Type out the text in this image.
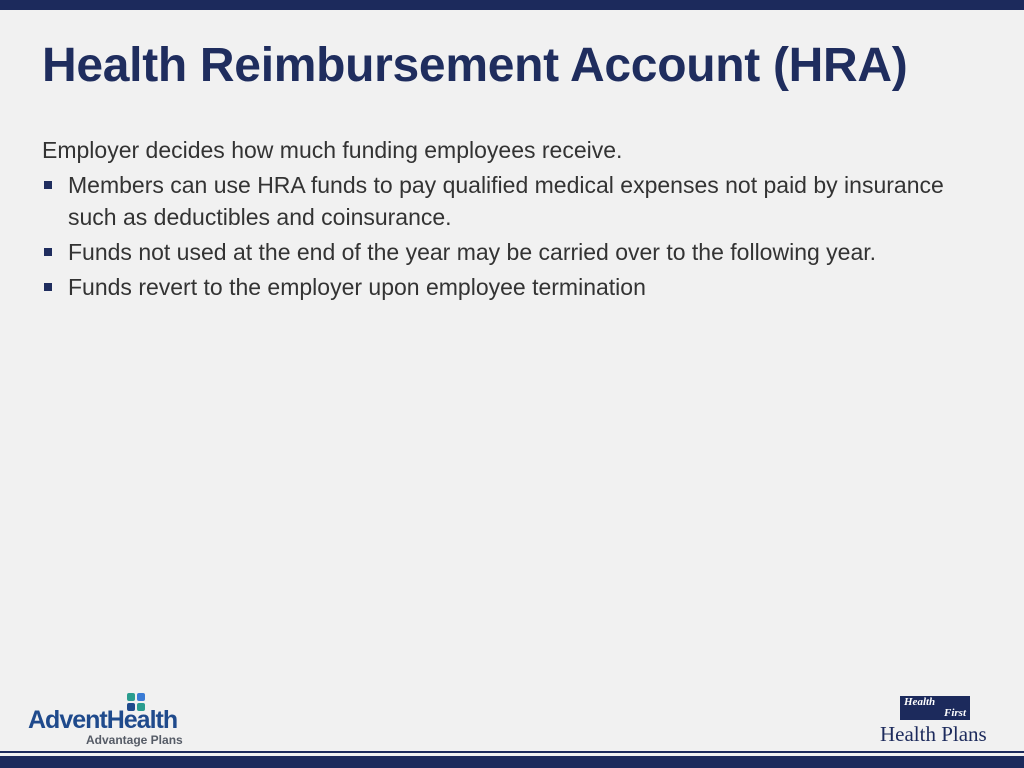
Health Reimbursement Account (HRA)

Employer decides how much funding employees receive.

Members can use HRA funds to pay qualified medical expenses not paid by insurance such as deductibles and coinsurance.
Funds not used at the end of the year may be carried over to the following year.
Funds revert to the employer upon employee termination
AdventHealth
Advantage Plans
Health
First
Health Plans
